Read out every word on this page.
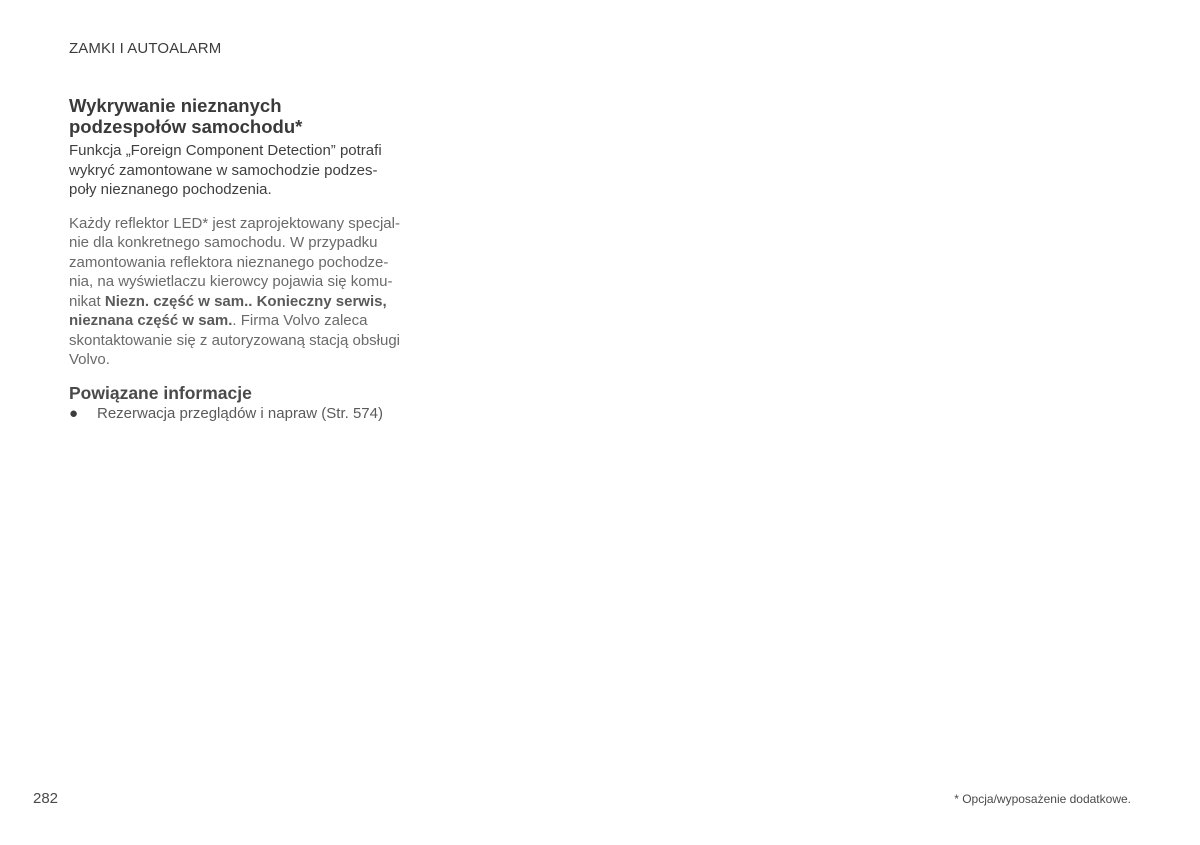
ZAMKI I AUTOALARM
Wykrywanie nieznanych
podzespołów samochodu*

Funkcja „Foreign Component Detection” potrafi
wykryć zamontowane w samochodzie podzes-
poły nieznanego pochodzenia.

Każdy reflektor LED* jest zaprojektowany specjal-
nie dla konkretnego samochodu. W przypadku
zamontowania reflektora nieznanego pochodze-
nia, na wyświetlaczu kierowcy pojawia się komu-
nikat Niezn. część w sam.. Konieczny serwis,
nieznana część w sam.. Firma Volvo zaleca
skontaktowanie się z autoryzowaną stacją obsługi
Volvo.

Powiązane informacje
● Rezerwacja przeglądów i napraw (Str. 574)
282	* Opcja/wyposażenie dodatkowe.
